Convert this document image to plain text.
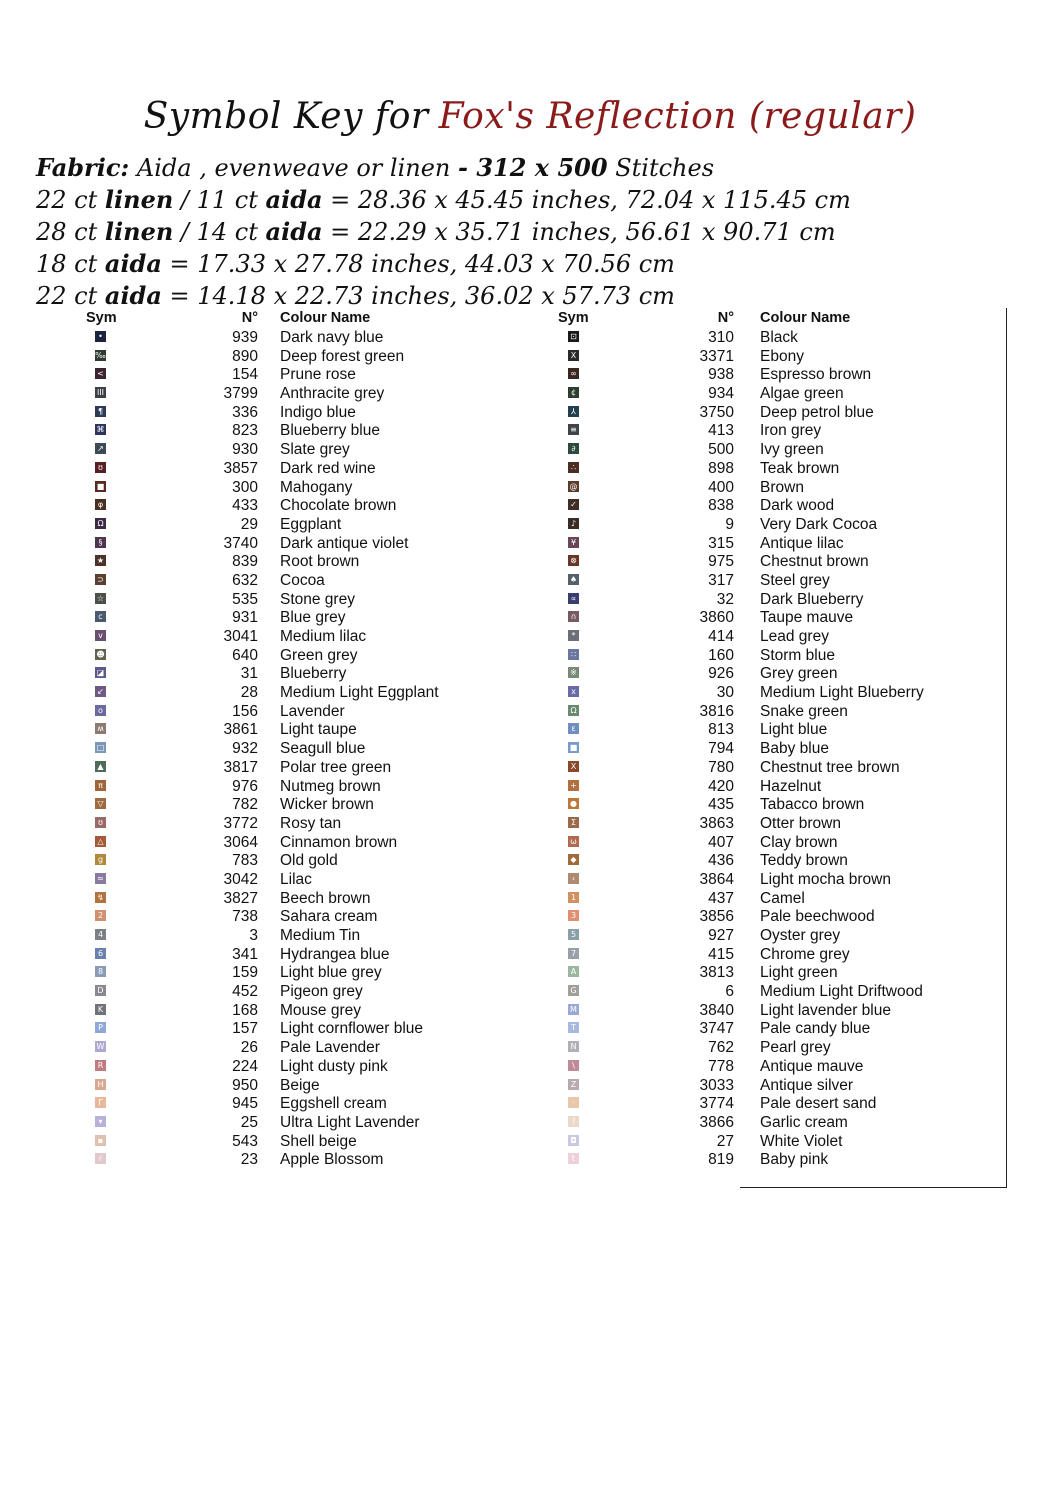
Symbol Key for Fox's Reflection (regular)
Fabric: Aida , evenweave or linen - 312 x 500 Stitches
22 ct linen / 11 ct aida = 28.36 x 45.45 inches, 72.04 x 115.45 cm
28 ct linen / 14 ct aida = 22.29 x 35.71 inches, 56.61 x 90.71 cm
18 ct aida = 17.33 x 27.78 inches, 44.03 x 70.56 cm
22 ct aida = 14.18 x 22.73 inches, 36.02 x 57.73 cm
Sym	N° Colour Name
•	939 Dark navy blue
‰	890 Deep forest green
<	154 Prune rose
III	3799 Anthracite grey
¶	336 Indigo blue
⌘	823 Blueberry blue
↗	930 Slate grey
ʊ	3857 Dark red wine
■	300 Mahogany
φ	433 Chocolate brown
Ω	29 Eggplant
§	3740 Dark antique violet
★	839 Root brown
⊃	632 Cocoa
☆	535 Stone grey
c	931 Blue grey
v	3041 Medium lilac
☻	640 Green grey
◪	31 Blueberry
↙	28 Medium Light Eggplant
o	156 Lavender
ʍ	3861 Light taupe
□	932 Seagull blue
▲	3817 Polar tree green
π	976 Nutmeg brown
▽	782 Wicker brown
ʊ	3772 Rosy tan
△	3064 Cinnamon brown
g	783 Old gold
≈	3042 Lilac
↯	3827 Beech brown
2	738 Sahara cream
4	3 Medium Tin
6	341 Hydrangea blue
8	159 Light blue grey
D	452 Pigeon grey
K	168 Mouse grey
P	157 Light cornflower blue
W	26 Pale Lavender
R	224 Light dusty pink
H	950 Beige
Γ	945 Eggshell cream
▾	25 Ultra Light Lavender
▪	543 Shell beige
r	23 Apple Blossom
Sym	N° Colour Name
⊡	310 Black
X	3371 Ebony
∞	938 Espresso brown
¢	934 Algae green
⅄	3750 Deep petrol blue
≡	413 Iron grey
∂	500 Ivy green
∴	898 Teak brown
@	400 Brown
✓	838 Dark wood
♪	9 Very Dark Cocoa
¥	315 Antique lilac
⊗	975 Chestnut brown
♠	317 Steel grey
∝	32 Dark Blueberry
∩	3860 Taupe mauve
*	414 Lead grey
∷	160 Storm blue
※	926 Grey green
x	30 Medium Light Blueberry
Ω	3816 Snake green
ε	813 Light blue
■	794 Baby blue
X	780 Chestnut tree brown
+	420 Hazelnut
●	435 Tabacco brown
Σ	3863 Otter brown
ω	407 Clay brown
◆	436 Teddy brown
‹	3864 Light mocha brown
1	437 Camel
3	3856 Pale beechwood
5	927 Oyster grey
7	415 Chrome grey
A	3813 Light green
G	6 Medium Light Driftwood
M	3840 Light lavender blue
T	3747 Pale candy blue
N	762 Pearl grey
\	778 Antique mauve
Z	3033 Antique silver
·	3774 Pale desert sand
?	3866 Garlic cream
◘	27 White Violet
t	819 Baby pink
